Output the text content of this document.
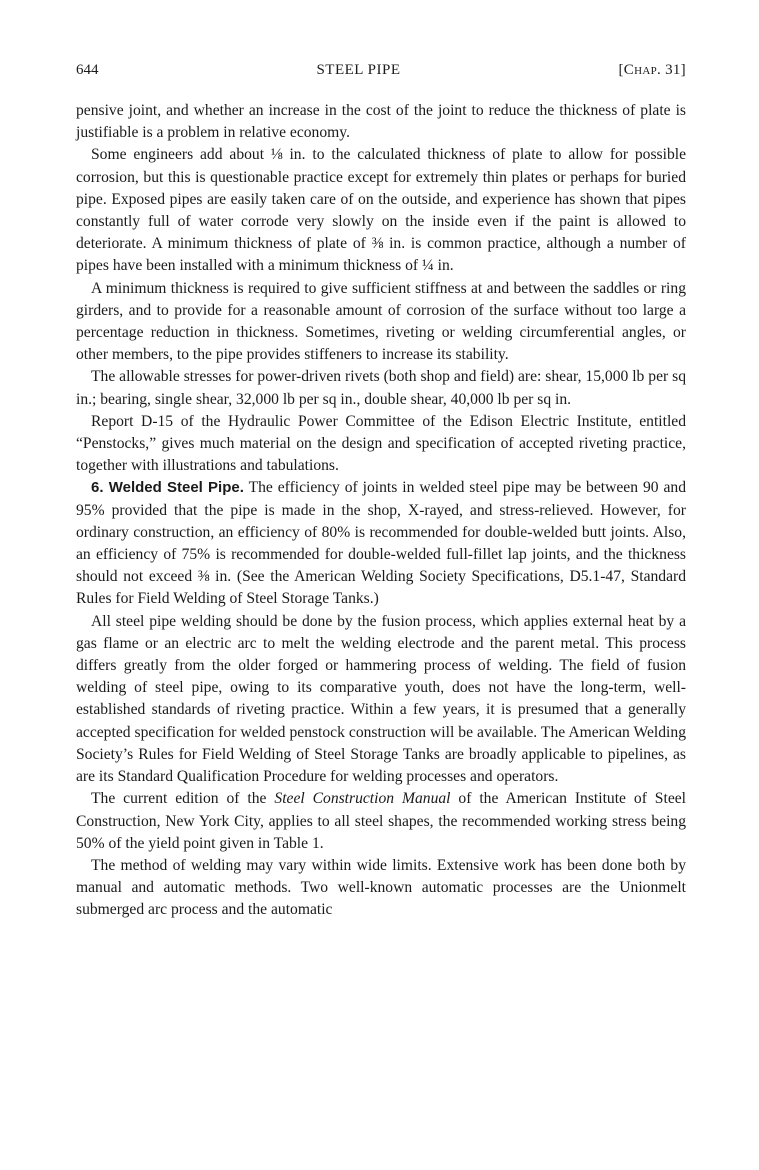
644	STEEL PIPE	[Chap. 31]

pensive joint, and whether an increase in the cost of the joint to reduce the thickness of plate is justifiable is a problem in relative economy.

Some engineers add about ⅛ in. to the calculated thickness of plate to allow for possible corrosion, but this is questionable practice except for extremely thin plates or perhaps for buried pipe. Exposed pipes are easily taken care of on the outside, and experience has shown that pipes constantly full of water corrode very slowly on the inside even if the paint is allowed to deteriorate. A minimum thickness of plate of ⅜ in. is common practice, although a number of pipes have been installed with a minimum thickness of ¼ in.

A minimum thickness is required to give sufficient stiffness at and between the saddles or ring girders, and to provide for a reasonable amount of corrosion of the surface without too large a percentage reduction in thickness. Sometimes, riveting or welding circumferential angles, or other members, to the pipe provides stiffeners to increase its stability.

The allowable stresses for power-driven rivets (both shop and field) are: shear, 15,000 lb per sq in.; bearing, single shear, 32,000 lb per sq in., double shear, 40,000 lb per sq in.

Report D-15 of the Hydraulic Power Committee of the Edison Electric Institute, entitled “Penstocks,” gives much material on the design and specification of accepted riveting practice, together with illustrations and tabulations.

6. Welded Steel Pipe. The efficiency of joints in welded steel pipe may be between 90 and 95% provided that the pipe is made in the shop, X-rayed, and stress-relieved. However, for ordinary construction, an efficiency of 80% is recommended for double-welded butt joints. Also, an efficiency of 75% is recommended for double-welded full-fillet lap joints, and the thickness should not exceed ⅜ in. (See the American Welding Society Specifications, D5.1-47, Standard Rules for Field Welding of Steel Storage Tanks.)

All steel pipe welding should be done by the fusion process, which applies external heat by a gas flame or an electric arc to melt the welding electrode and the parent metal. This process differs greatly from the older forged or hammering process of welding. The field of fusion welding of steel pipe, owing to its comparative youth, does not have the long-term, well-established standards of riveting practice. Within a few years, it is presumed that a generally accepted specification for welded penstock construction will be available. The American Welding Society’s Rules for Field Welding of Steel Storage Tanks are broadly applicable to pipelines, as are its Standard Qualification Procedure for welding processes and operators.

The current edition of the Steel Construction Manual of the American Institute of Steel Construction, New York City, applies to all steel shapes, the recommended working stress being 50% of the yield point given in Table 1.

The method of welding may vary within wide limits. Extensive work has been done both by manual and automatic methods. Two well-known automatic processes are the Unionmelt submerged arc process and the automatic
